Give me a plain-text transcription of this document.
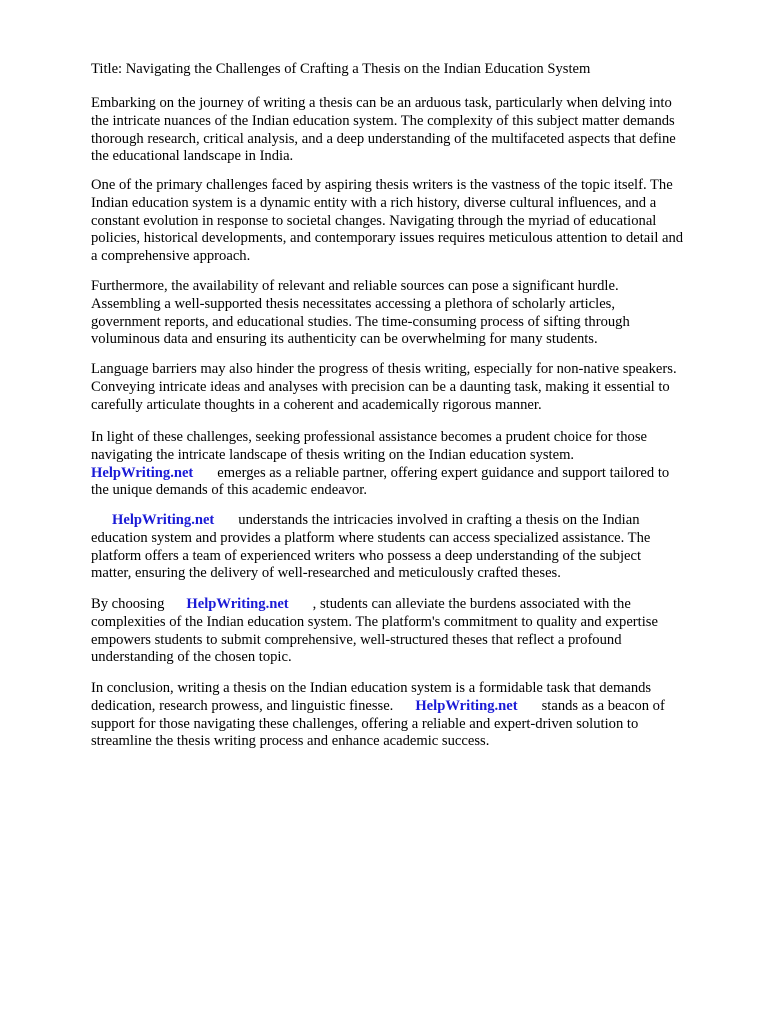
Title: Navigating the Challenges of Crafting a Thesis on the Indian Education System

Embarking on the journey of writing a thesis can be an arduous task, particularly when delving into
the intricate nuances of the Indian education system. The complexity of this subject matter demands
thorough research, critical analysis, and a deep understanding of the multifaceted aspects that define
the educational landscape in India.

One of the primary challenges faced by aspiring thesis writers is the vastness of the topic itself. The
Indian education system is a dynamic entity with a rich history, diverse cultural influences, and a
constant evolution in response to societal changes. Navigating through the myriad of educational
policies, historical developments, and contemporary issues requires meticulous attention to detail and
a comprehensive approach.

Furthermore, the availability of relevant and reliable sources can pose a significant hurdle.
Assembling a well-supported thesis necessitates accessing a plethora of scholarly articles,
government reports, and educational studies. The time-consuming process of sifting through
voluminous data and ensuring its authenticity can be overwhelming for many students.

Language barriers may also hinder the progress of thesis writing, especially for non-native speakers.
Conveying intricate ideas and analyses with precision can be a daunting task, making it essential to
carefully articulate thoughts in a coherent and academically rigorous manner.

In light of these challenges, seeking professional assistance becomes a prudent choice for those
navigating the intricate landscape of thesis writing on the Indian education system.
HelpWriting.net emerges as a reliable partner, offering expert guidance and support tailored to
the unique demands of this academic endeavor.

HelpWriting.net understands the intricacies involved in crafting a thesis on the Indian
education system and provides a platform where students can access specialized assistance. The
platform offers a team of experienced writers who possess a deep understanding of the subject
matter, ensuring the delivery of well-researched and meticulously crafted theses.

By choosing HelpWriting.net , students can alleviate the burdens associated with the
complexities of the Indian education system. The platform's commitment to quality and expertise
empowers students to submit comprehensive, well-structured theses that reflect a profound
understanding of the chosen topic.

In conclusion, writing a thesis on the Indian education system is a formidable task that demands
dedication, research prowess, and linguistic finesse. HelpWriting.net stands as a beacon of
support for those navigating these challenges, offering a reliable and expert-driven solution to
streamline the thesis writing process and enhance academic success.
